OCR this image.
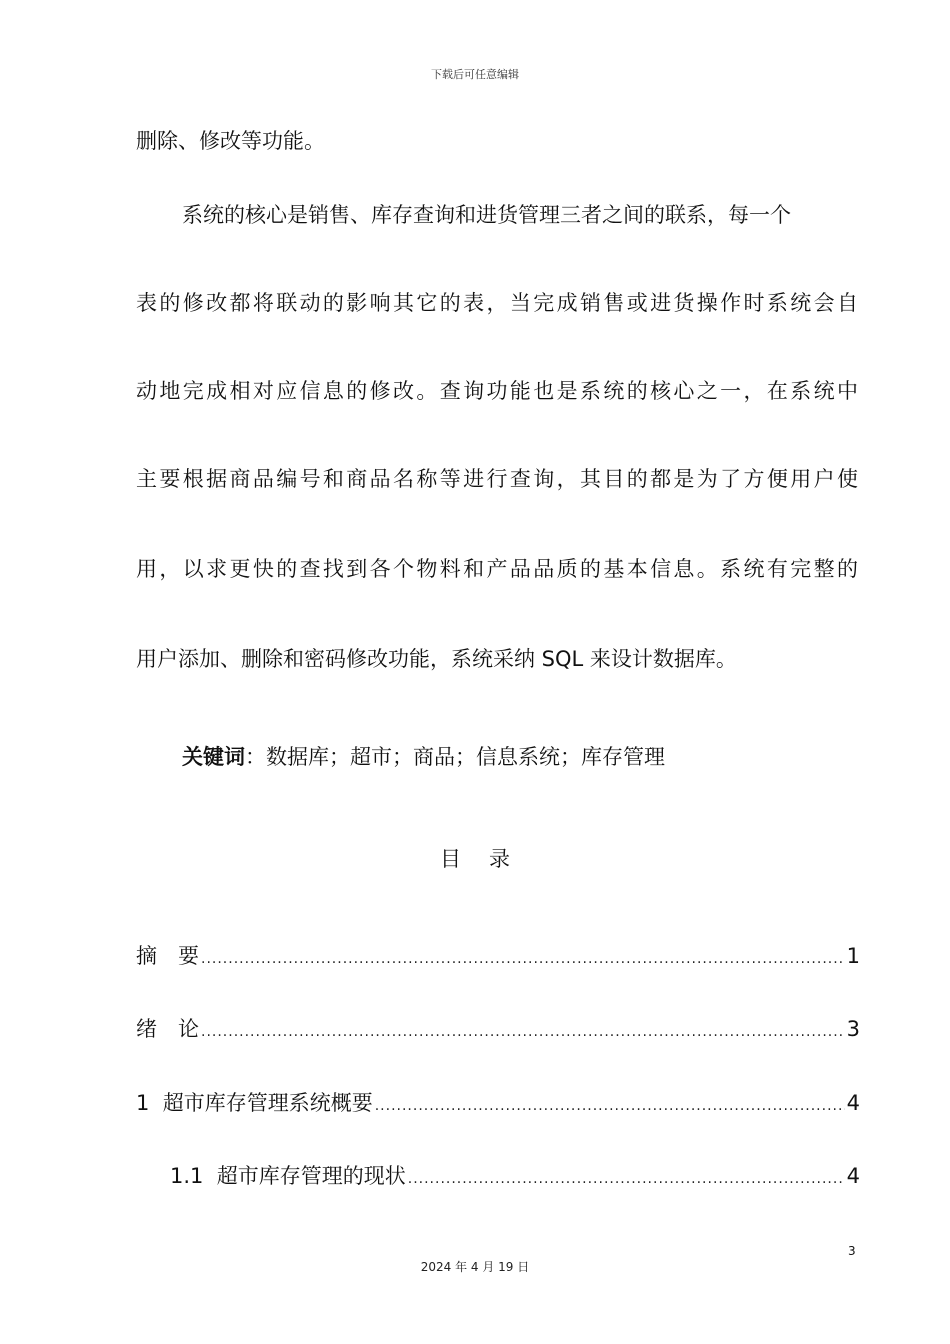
下载后可任意编辑
删除、修改等功能。
系统的核心是销售、库存查询和进货管理三者之间的联系，每一个
表的修改都将联动的影响其它的表，当完成销售或进货操作时系统会自
动地完成相对应信息的修改。查询功能也是系统的核心之一，在系统中
主要根据商品编号和商品名称等进行查询，其目的都是为了方便用户使
用，以求更快的查找到各个物料和产品品质的基本信息。系统有完整的
用户添加、删除和密码修改功能，系统采纳 SQL 来设计数据库。
关键词：数据库；超市；商品；信息系统；库存管理
目 录
摘　要 .....	1
绪　论 .....	3
1  超市库存管理系统概要 .....	4
1.1  超市库存管理的现状 .....	4
3
2024 年 4 月 19 日
